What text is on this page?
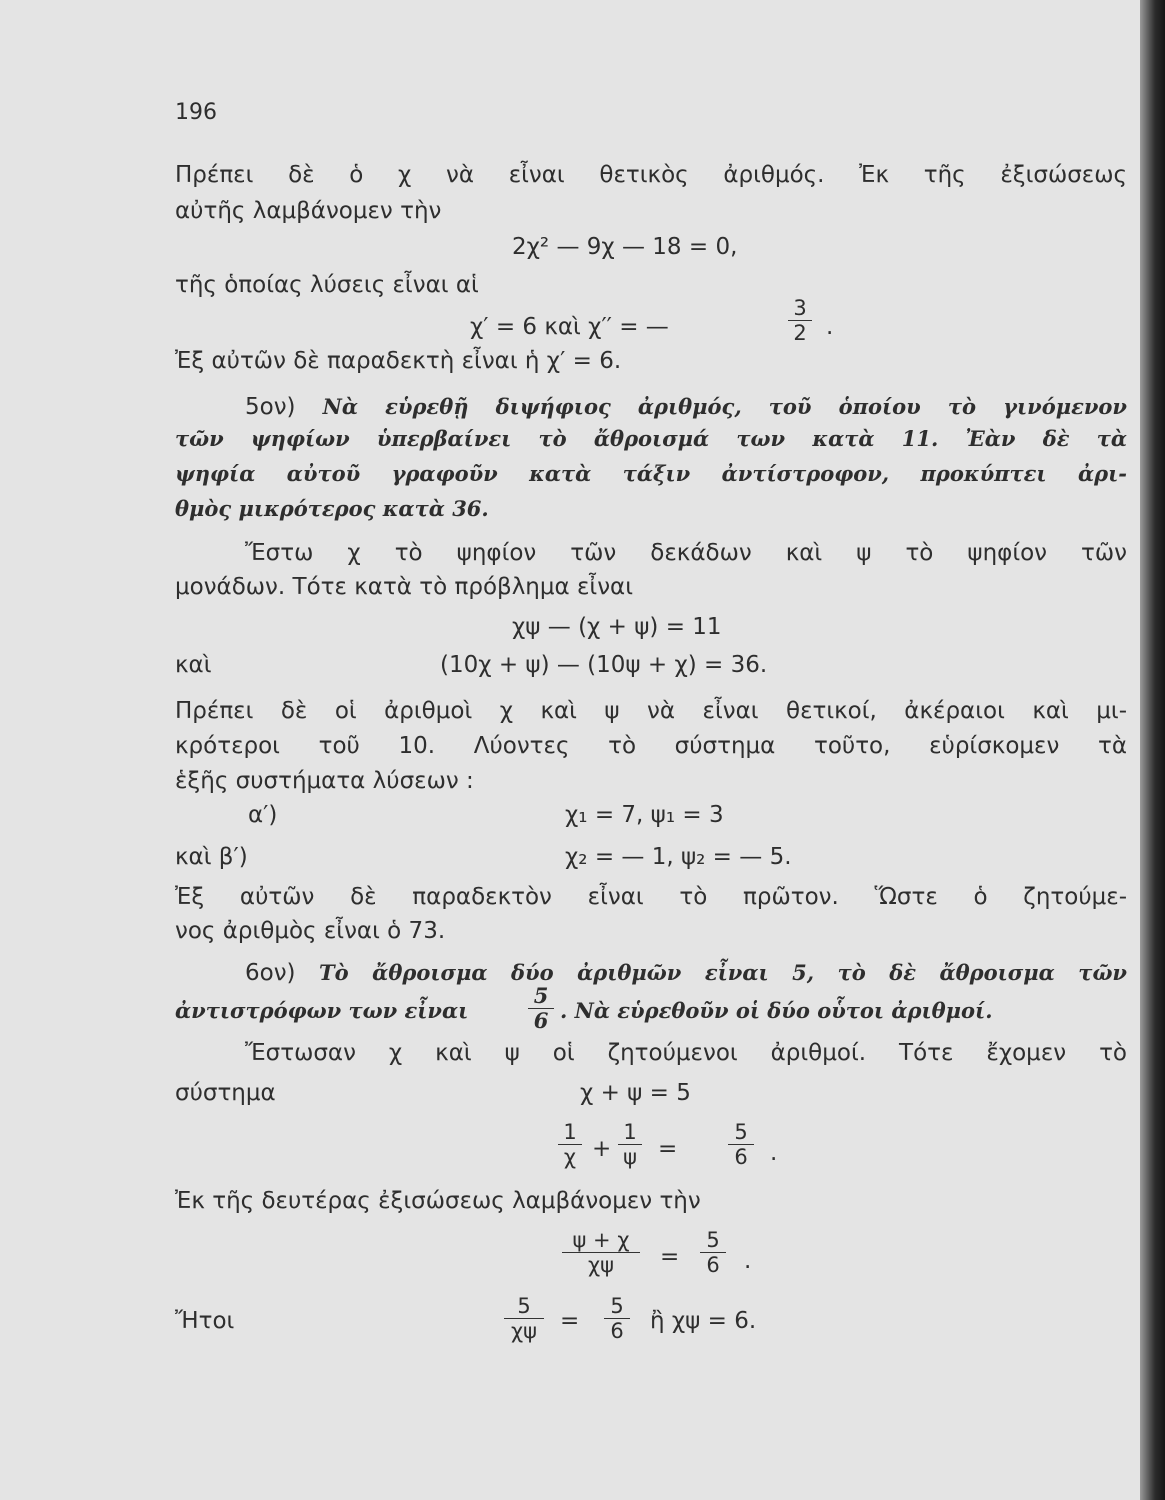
196
Πρέπει δὲ ὁ χ νὰ εἶναι θετικὸς ἀριθμός. Ἐκ τῆς ἐξισώσεως
αὐτῆς λαμβάνομεν τὴν
2χ² — 9χ — 18 = 0,
τῆς ὁποίας λύσεις εἶναι αἱ
χ′ = 6 καὶ χ′′ = —	$\frac{3}{2}$ .
Ἐξ αὐτῶν δὲ παραδεκτὴ εἶναι ἡ χ′ = 6.
5ον) Νὰ εὑρεθῇ διψήφιος ἀριθμός, τοῦ ὁποίου τὸ γινόμενον
τῶν ψηφίων ὑπερβαίνει τὸ ἄθροισμά των κατὰ 11. Ἐὰν δὲ τὰ
ψηφία αὐτοῦ γραφοῦν κατὰ τάξιν ἀντίστροφον, προκύπτει ἀρι-
θμὸς μικρότερος κατὰ 36.
Ἔστω χ τὸ ψηφίον τῶν δεκάδων καὶ ψ τὸ ψηφίον τῶν
μονάδων. Τότε κατὰ τὸ πρόβλημα εἶναι
χψ — (χ + ψ) = 11
καὶ	(10χ + ψ) — (10ψ + χ) = 36.
Πρέπει δὲ οἱ ἀριθμοὶ χ καὶ ψ νὰ εἶναι θετικοί, ἀκέραιοι καὶ μι-
κρότεροι τοῦ 10. Λύοντες τὸ σύστημα τοῦτο, εὑρίσκομεν τὰ
ἑξῆς συστήματα λύσεων :
α′)	χ₁ = 7, ψ₁ = 3
καὶ β′)	χ₂ = — 1, ψ₂ = — 5.
Ἐξ αὐτῶν δὲ παραδεκτὸν εἶναι τὸ πρῶτον. Ὥστε ὁ ζητούμε-
νος ἀριθμὸς εἶναι ὁ 73.
6ον) Τὸ ἄθροισμα δύο ἀριθμῶν εἶναι 5, τὸ δὲ ἄθροισμα τῶν
ἀντιστρόφων των εἶναι	$\frac{5}{6}$ . Νὰ εὑρεθοῦν οἱ δύο οὗτοι ἀριθμοί.
Ἔστωσαν χ καὶ ψ οἱ ζητούμενοι ἀριθμοί. Τότε ἔχομεν τὸ
σύστημα	χ + ψ = 5
$\frac{1}{\chi} + \frac{1}{\psi} = \frac{5}{6}$ .
Ἐκ τῆς δευτέρας ἐξισώσεως λαμβάνομεν τὴν
$\frac{\psi + \chi}{\chi\psi} = \frac{5}{6}$ .
Ἤτοι	$\frac{5}{\chi\psi} = \frac{5}{6}$ ἢ χψ = 6.
